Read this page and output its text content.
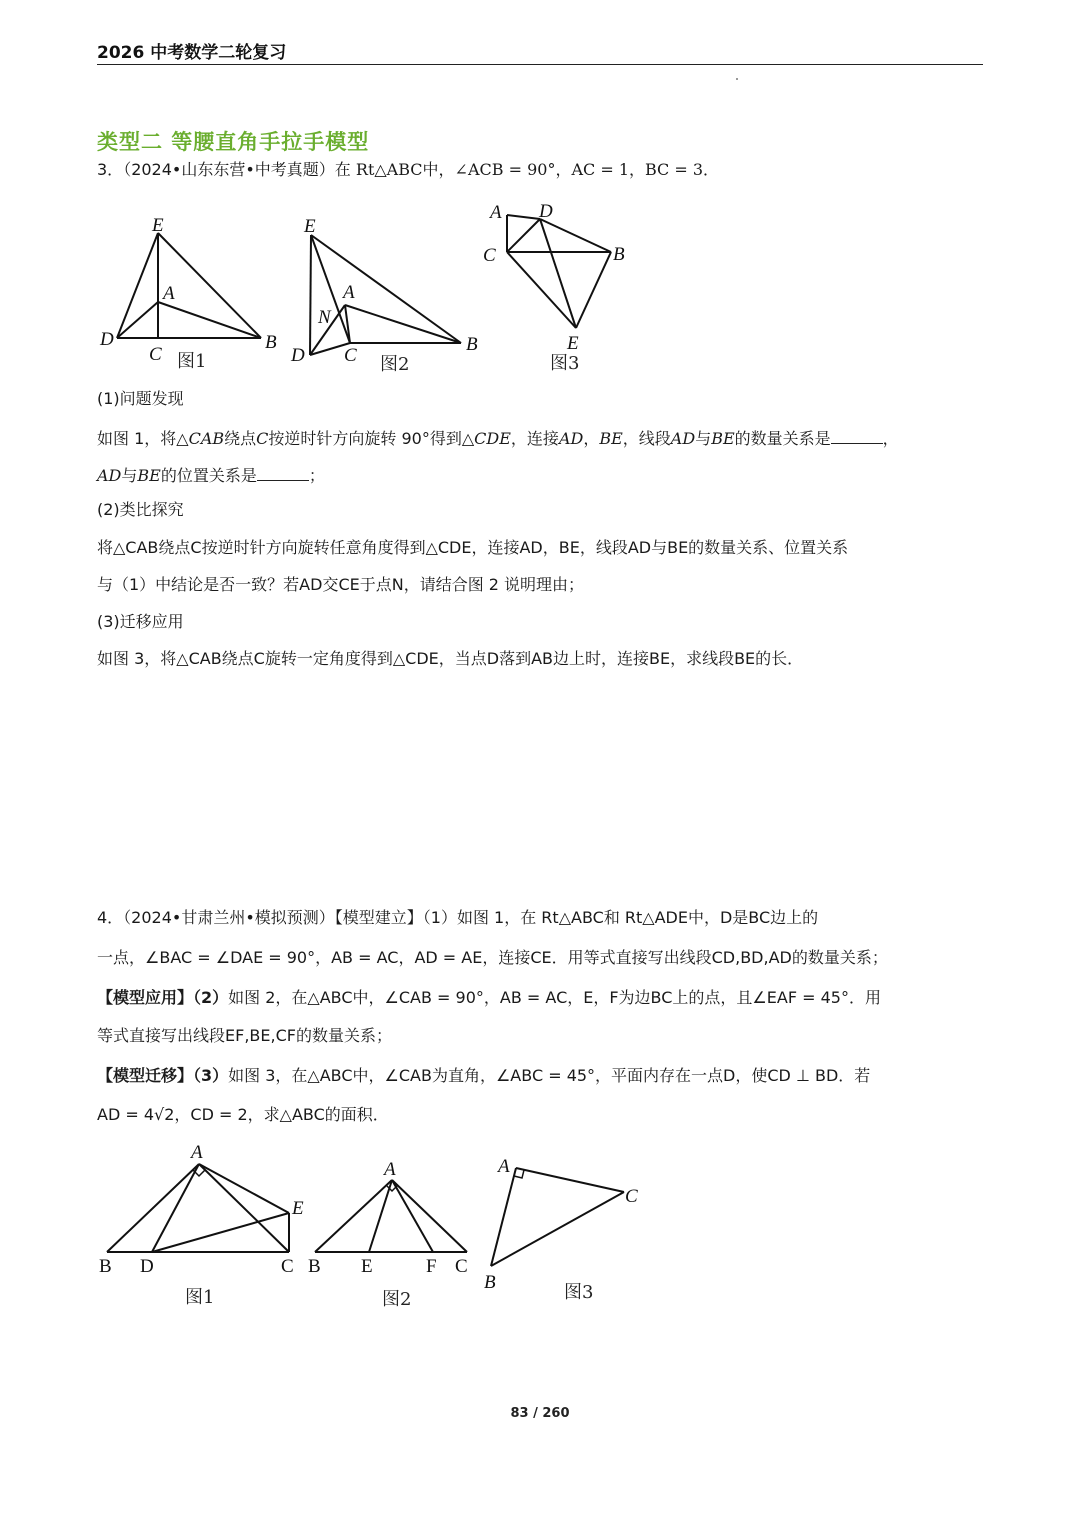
2026 中考数学二轮复习
类型二 等腰直角手拉手模型
3．（2024•山东东营•中考真题）在 Rt△ABC中，∠ACB = 90°，AC = 1，BC = 3．
E
A
D
C
B
图1
E
A
N
D C
B
图2
A D
C	B
E
图3
(1)问题发现
如图 1，将△CAB绕点C按逆时针方向旋转 90°得到△CDE，连接AD，BE，线段AD与BE的数量关系是	，
AD与BE的位置关系是	；
(2)类比探究
将△CAB绕点C按逆时针方向旋转任意角度得到△CDE，连接AD，BE，线段AD与BE的数量关系、位置关系
与（1）中结论是否一致？若AD交CE于点N，请结合图 2 说明理由；
(3)迁移应用
如图 3，将△CAB绕点C旋转一定角度得到△CDE，当点D落到AB边上时，连接BE，求线段BE的长．
4．（2024•甘肃兰州•模拟预测）【模型建立】（1）如图 1，在 Rt△ABC和 Rt△ADE中，D是BC边上的
一点，∠BAC = ∠DAE = 90°，AB = AC，AD = AE，连接CE．用等式直接写出线段CD,BD,AD的数量关系；
【模型应用】（2）如图 2，在△ABC中，∠CAB = 90°，AB = AC，E，F为边BC上的点，且∠EAF = 45°．用
等式直接写出线段EF,BE,CF的数量关系；
【模型迁移】（3）如图 3，在△ABC中，∠CAB为直角，∠ABC = 45°，平面内存在一点D，使CD ⊥ BD．若
AD = 4√2，CD = 2，求△ABC的面积．
A
E
B D	C
图1
A
B E	F C
图2
A
C
B	图3
83 / 260
